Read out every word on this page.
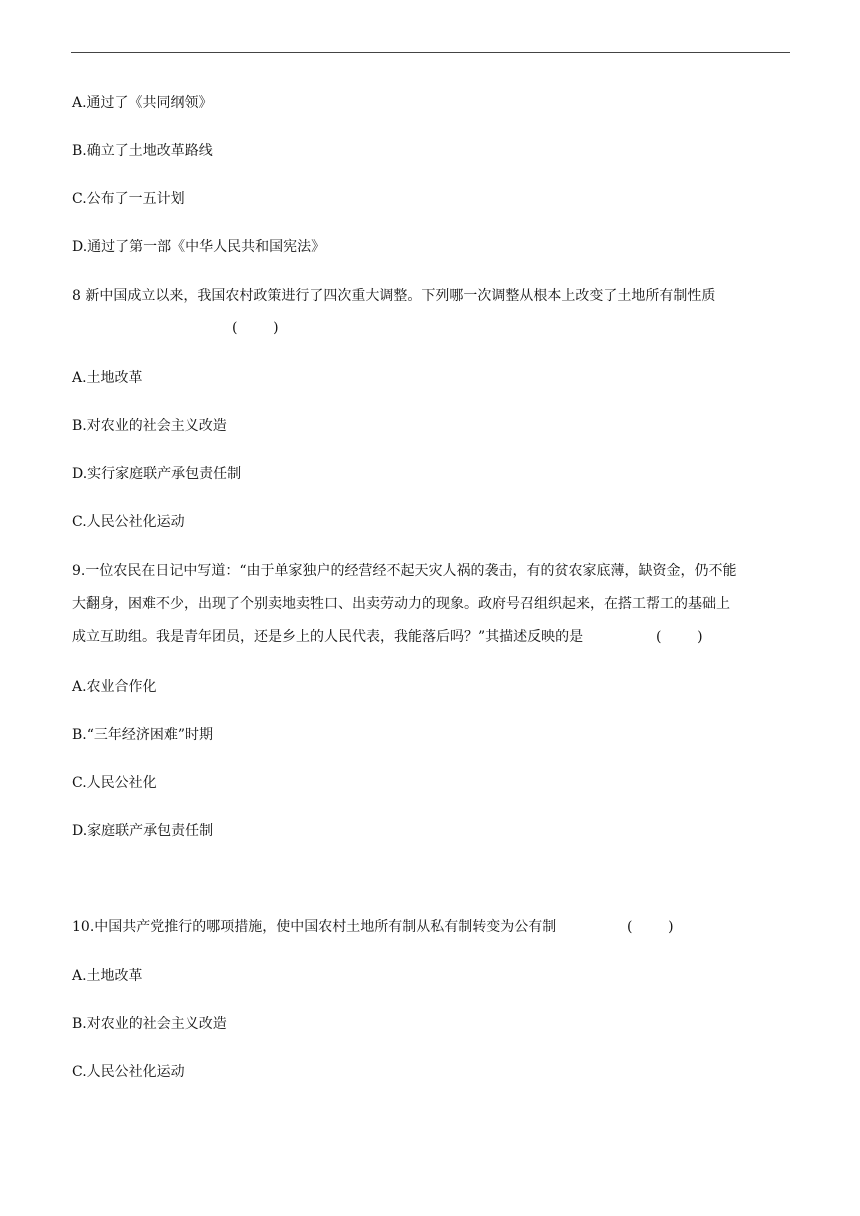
A.通过了《共同纲领》
B.确立了土地改革路线
C.公布了一五计划
D.通过了第一部《中华人民共和国宪法》
8 新中国成立以来，我国农村政策进行了四次重大调整。下列哪一次调整从根本上改变了土地所有制性质
(        )
A.土地改革
B.对农业的社会主义改造
D.实行家庭联产承包责任制
C.人民公社化运动
9.一位农民在日记中写道：“由于单家独户的经营经不起天灾人祸的袭击，有的贫农家底薄，缺资金，仍不能
大翻身，困难不少，出现了个别卖地卖牲口、出卖劳动力的现象。政府号召组织起来，在搭工帮工的基础上
成立互助组。我是青年团员，还是乡上的人民代表，我能落后吗？”其描述反映的是	(        )
A.农业合作化
B.“三年经济困难”时期
C.人民公社化
D.家庭联产承包责任制
10.中国共产党推行的哪项措施，使中国农村土地所有制从私有制转变为公有制	(        )
A.土地改革
B.对农业的社会主义改造
C.人民公社化运动
